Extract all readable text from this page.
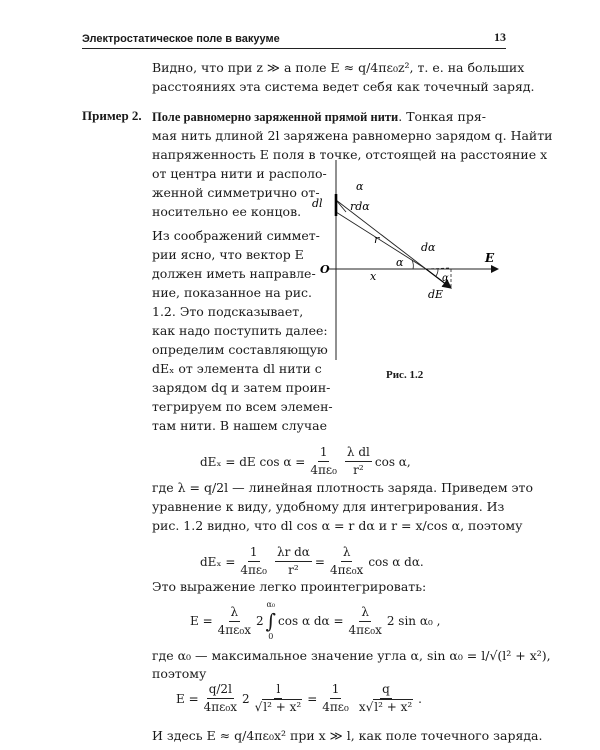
Электростатическое поле в вакууме	13
Видно, что при z ≫ a поле E ≈ q/4πε₀z², т. е. на больших
расстояниях эта система ведет себя как точечный заряд.
Пример 2. Поле равномерно заряженной прямой нити. Тонкая пря-
мая нить длиной 2l заряжена равномерно зарядом q. Найти
напряженность E поля в точке, отстоящей на расстояние x
от центра нити и располо-
женной симметрично от-
носительно ее концов.
Из соображений симмет-
рии ясно, что вектор E
должен иметь направле-
ние, показанное на рис.
1.2. Это подсказывает,
как надо поступить далее:
определим составляющую
dEₓ от элемента dl нити с
зарядом dq и затем проин-
тегрируем по всем элемен-
там нити. В нашем случае
α
dl rdα
r
dα
α
O
x
E
α
dE
Рис. 1.2
dEₓ = dE $\cos \alpha = \frac{1}{\text{4πε₀}} \frac{\text{λ dl}}{\text{r²}}$ cos α,
где λ = q/2l — линейная плотность заряда. Приведем это
уравнение к виду, удобному для интегрирования. Из
рис. 1.2 видно, что dl cos α = r dα и r = x/cos α, поэтому
$dE_x = \frac{1}{\text{4πε₀}} \frac{\text{λr dα}}{\text{r²}} = \frac{\lambda}{\text{4πε₀x}}$ cos α dα.
Это выражение легко проинтегрировать:
$E = \frac{\lambda}{\text{4πε₀x}} 2$
α₀
∫
0
cos α $d\alpha = \frac{\lambda}{\text{4πε₀x}} 2$ sin α₀ ,
где α₀ — максимальное значение угла α, sin α₀ = l/√(l² + x²),
поэтому
$E = \frac{q/2l}{\text{4πε₀x}} 2 \frac{l}{\text{√l² + x²}} = \frac{1}{\text{4πε₀}} \frac{q}{\text{x√l² + x²}}$ .
И здесь E ≈ q/4πε₀x² при x ≫ l, как поле точечного заряда.
